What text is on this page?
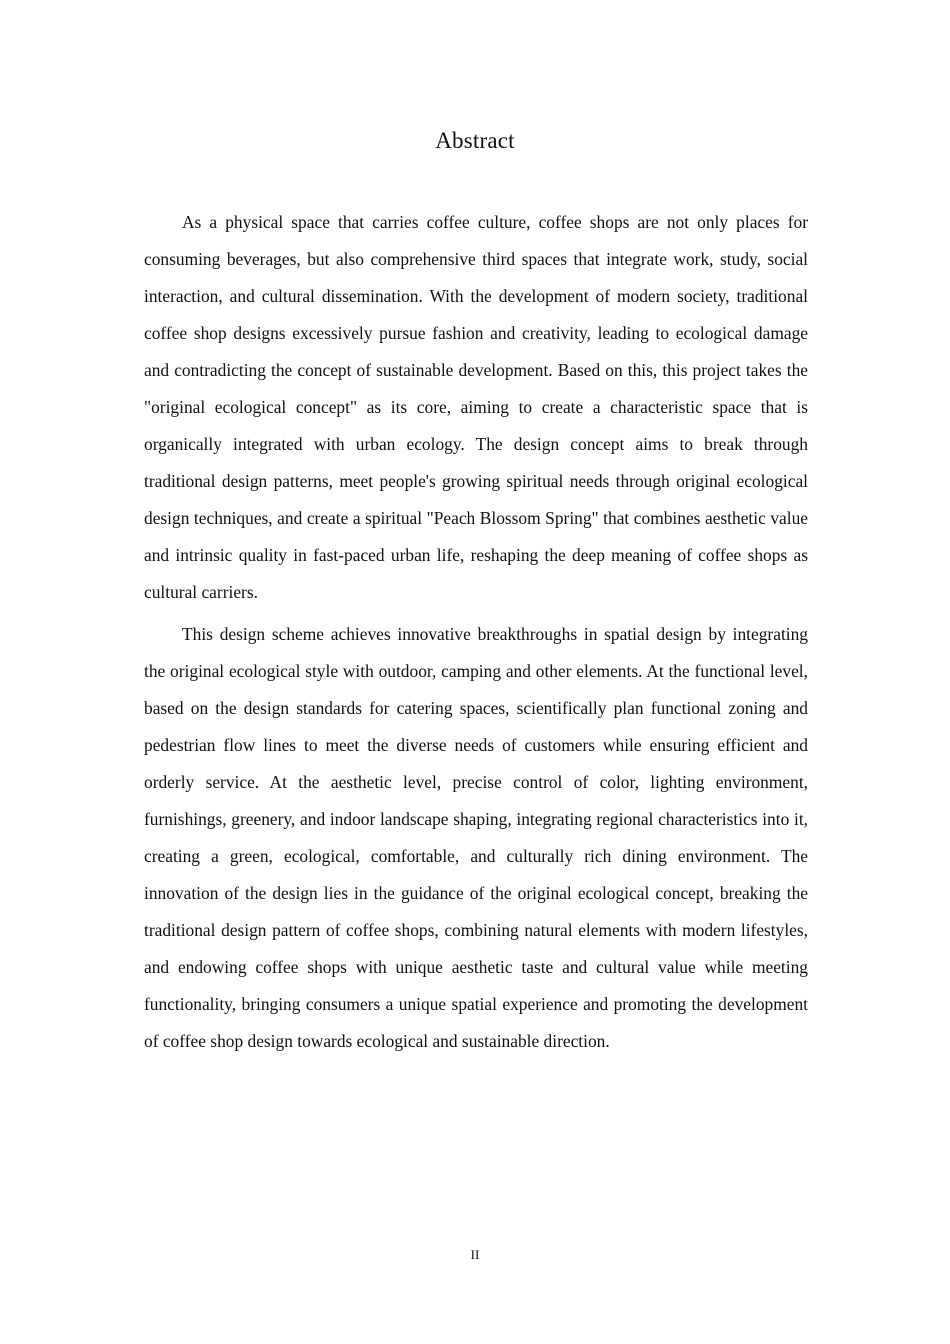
Abstract

As a physical space that carries coffee culture, coffee shops are not only places for consuming beverages, but also comprehensive third spaces that integrate work, study, social interaction, and cultural dissemination. With the development of modern society, traditional coffee shop designs excessively pursue fashion and creativity, leading to ecological damage and contradicting the concept of sustainable development. Based on this, this project takes the "original ecological concept" as its core, aiming to create a characteristic space that is organically integrated with urban ecology. The design concept aims to break through traditional design patterns, meet people's growing spiritual needs through original ecological design techniques, and create a spiritual "Peach Blossom Spring" that combines aesthetic value and intrinsic quality in fast-paced urban life, reshaping the deep meaning of coffee shops as cultural carriers.

This design scheme achieves innovative breakthroughs in spatial design by integrating the original ecological style with outdoor, camping and other elements. At the functional level, based on the design standards for catering spaces, scientifically plan functional zoning and pedestrian flow lines to meet the diverse needs of customers while ensuring efficient and orderly service. At the aesthetic level, precise control of color, lighting environment, furnishings, greenery, and indoor landscape shaping, integrating regional characteristics into it, creating a green, ecological, comfortable, and culturally rich dining environment. The innovation of the design lies in the guidance of the original ecological concept, breaking the traditional design pattern of coffee shops, combining natural elements with modern lifestyles, and endowing coffee shops with unique aesthetic taste and cultural value while meeting functionality, bringing consumers a unique spatial experience and promoting the development of coffee shop design towards ecological and sustainable direction.

II
